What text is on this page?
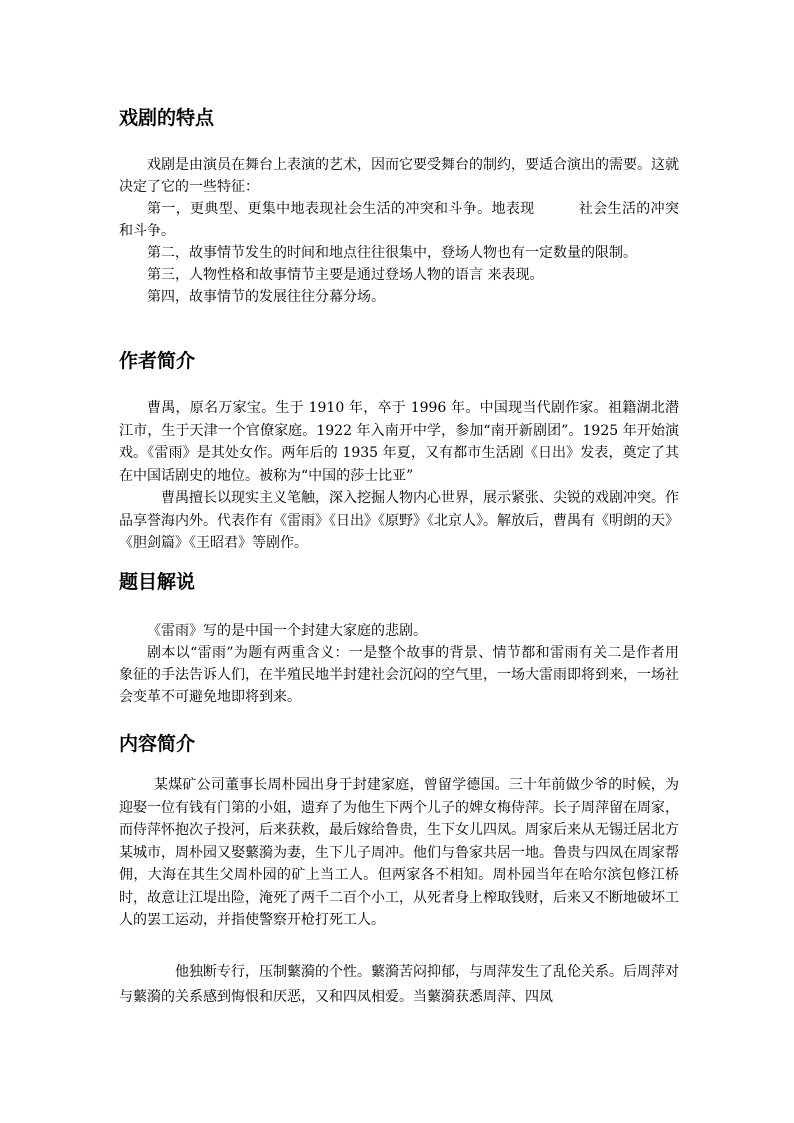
戏剧的特点

戏剧是由演员在舞台上表演的艺术，因而它要受舞台的制约，要适合演出的需要。这就决定了它的一些特征：

第一，更典型、更集中地表现社会生活的冲突和斗争。地表现	社会生活的冲突和斗争。

第二，故事情节发生的时间和地点往往很集中，登场人物也有一定数量的限制。

第三，人物性格和故事情节主要是通过登场人物的语言 来表现。

第四，故事情节的发展往往分幕分场。

作者简介

曹禺，原名万家宝。生于 1910 年，卒于 1996 年。中国现当代剧作家。祖籍湖北潜江市，生于天津一个官僚家庭。1922 年入南开中学，参加“南开新剧团”。1925 年开始演戏。《雷雨》是其处女作。两年后的 1935 年夏，又有都市生活剧《日出》发表，奠定了其在中国话剧史的地位。被称为“中国的莎士比亚”

曹禺擅长以现实主义笔触，深入挖掘人物内心世界，展示紧张、尖锐的戏剧冲突。作品享誉海内外。代表作有《雷雨》《日出》《原野》《北京人》。解放后，曹禺有《明朗的天》《胆剑篇》《王昭君》等剧作。

题目解说

《雷雨》写的是中国一个封建大家庭的悲剧。

剧本以“雷雨”为题有两重含义：一是整个故事的背景、情节都和雷雨有关二是作者用象征的手法告诉人们，在半殖民地半封建社会沉闷的空气里，一场大雷雨即将到来，一场社会变革不可避免地即将到来。

内容简介

某煤矿公司董事长周朴园出身于封建家庭，曾留学德国。三十年前做少爷的时候，为迎娶一位有钱有门第的小姐，遗弃了为他生下两个儿子的婢女梅侍萍。长子周萍留在周家，而侍萍怀抱次子投河，后来获救，最后嫁给鲁贵，生下女儿四凤。周家后来从无锡迁居北方某城市，周朴园又娶蘩漪为妻，生下儿子周冲。他们与鲁家共居一地。鲁贵与四凤在周家帮佣，大海在其生父周朴园的矿上当工人。但两家各不相知。周朴园当年在哈尔滨包修江桥时，故意让江堤出险，淹死了两千二百个小工，从死者身上榨取钱财，后来又不断地破坏工人的罢工运动，并指使警察开枪打死工人。

他独断专行，压制蘩漪的个性。蘩漪苦闷抑郁，与周萍发生了乱伦关系。后周萍对与蘩漪的关系感到悔恨和厌恶，又和四凤相爱。当蘩漪获悉周萍、四凤
